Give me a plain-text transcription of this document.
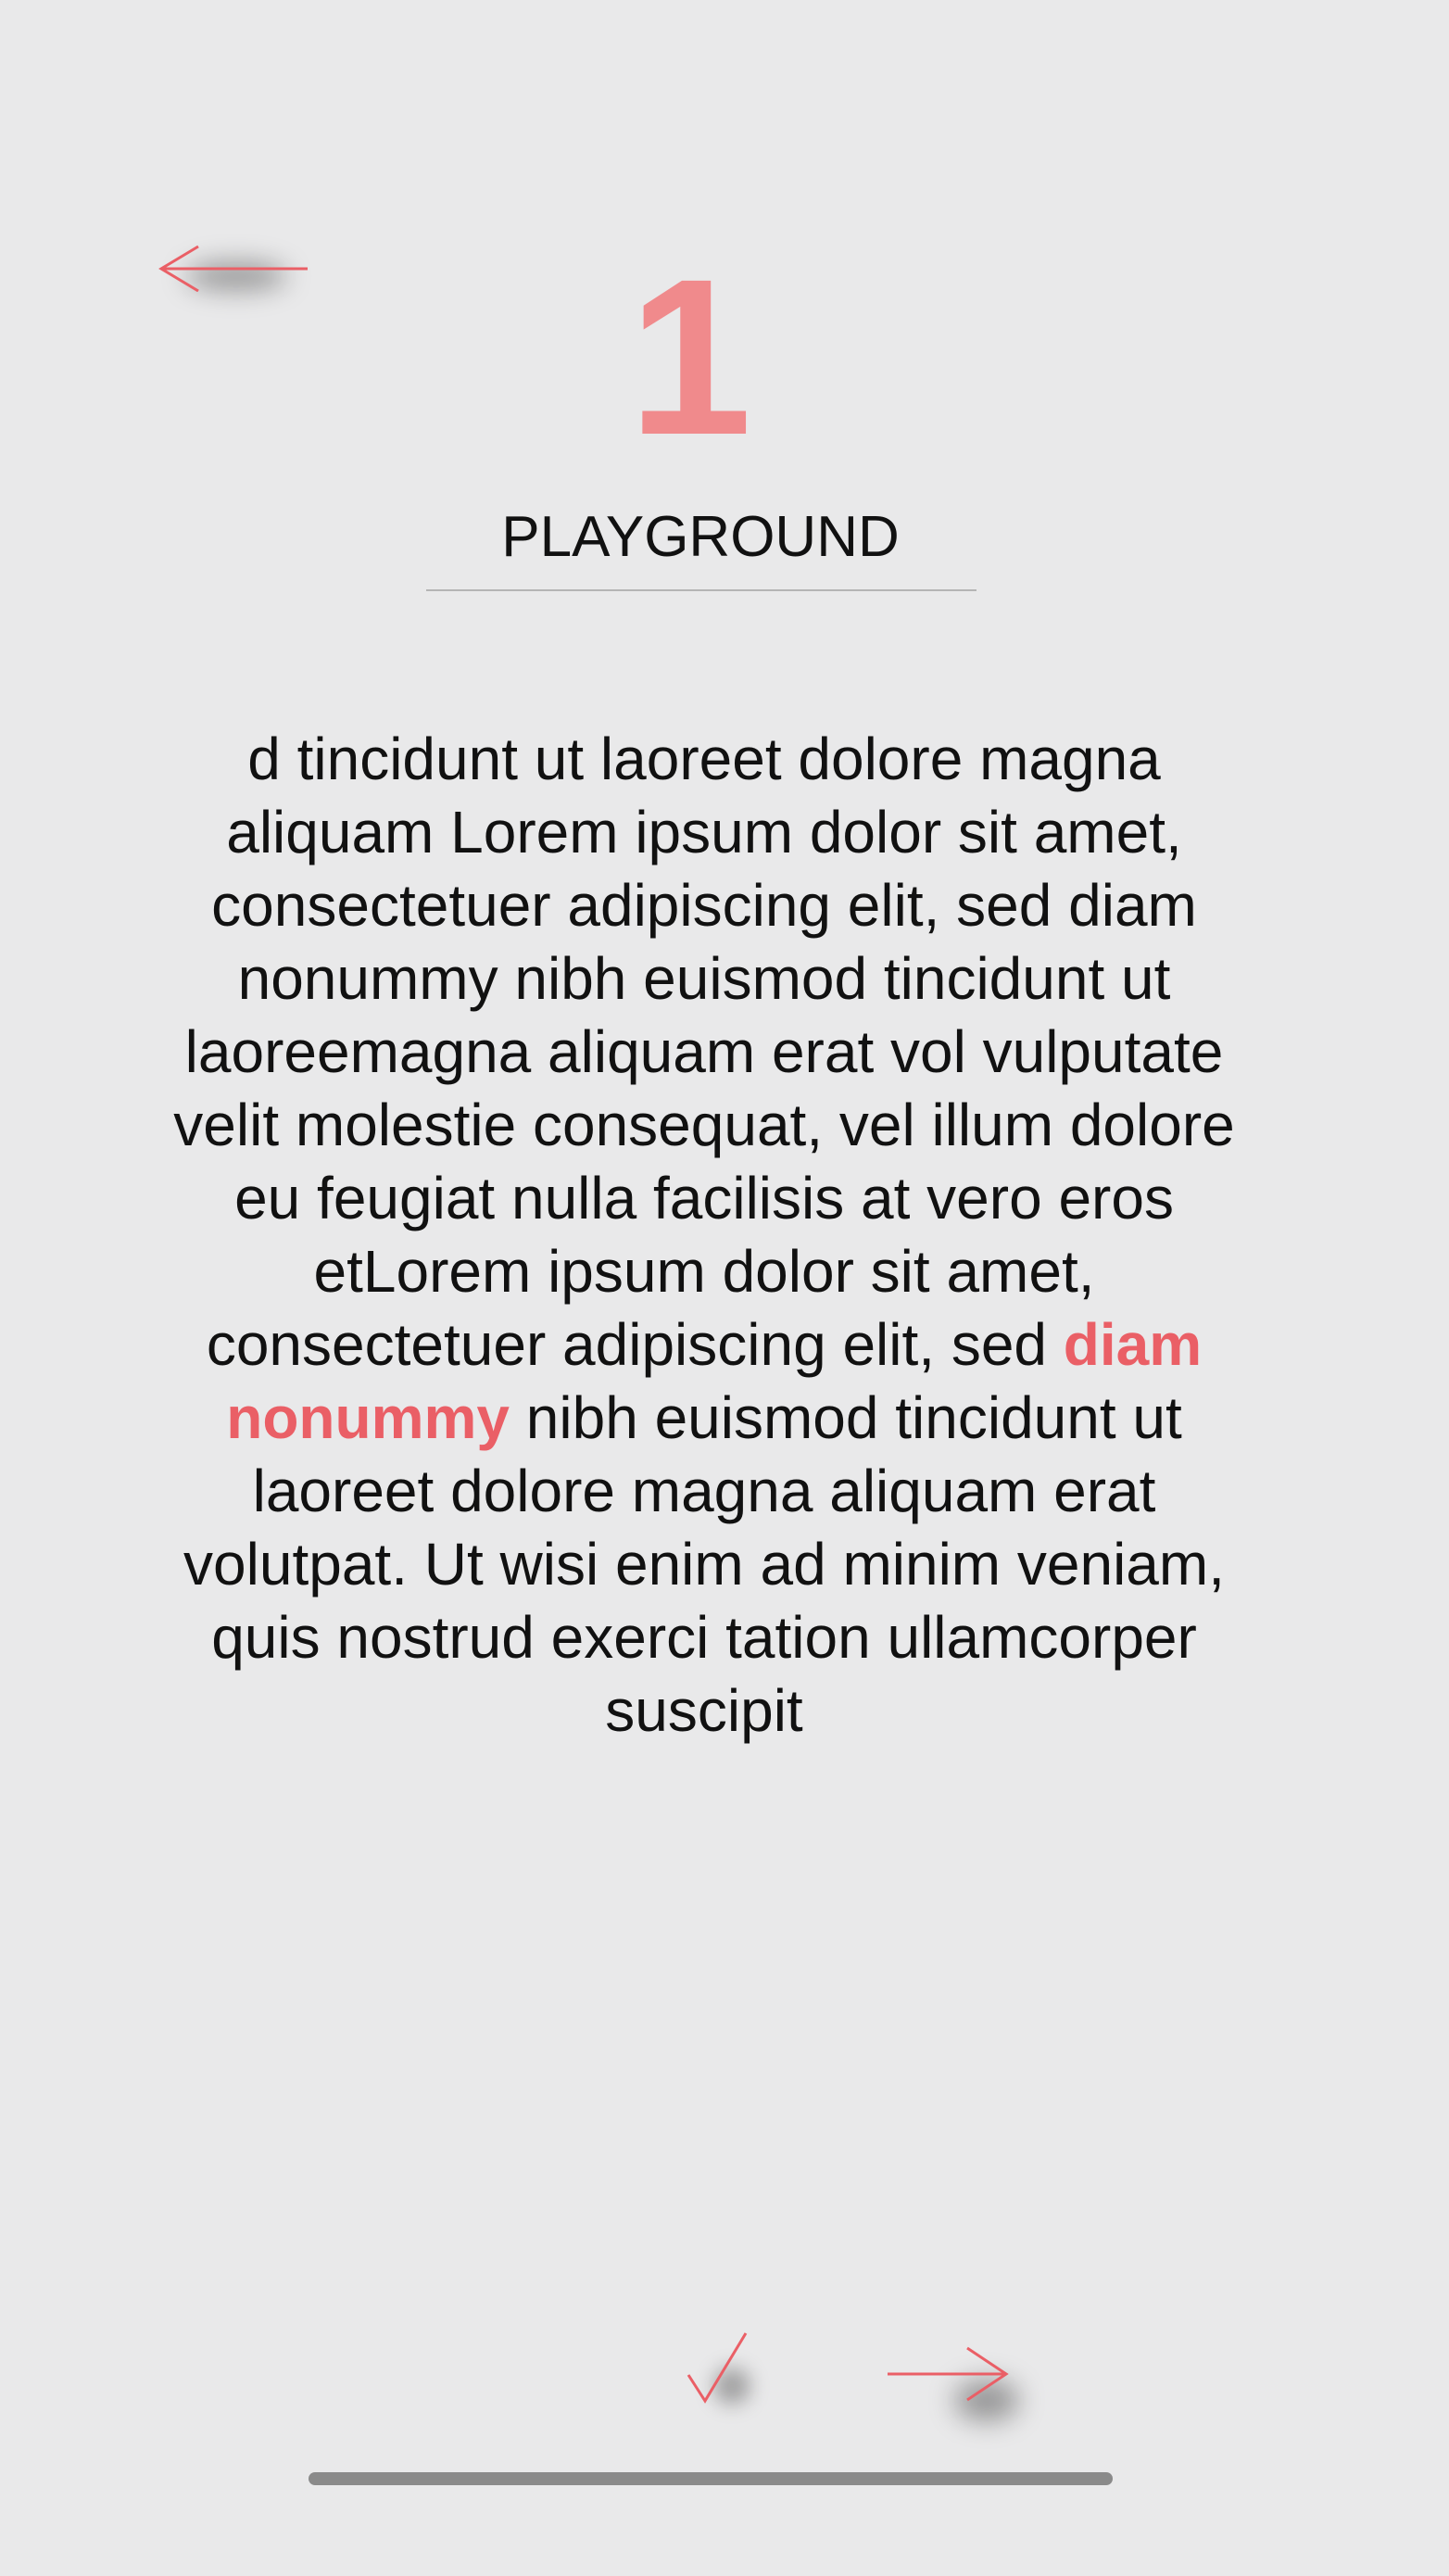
1
PLAYGROUND

d tincidunt ut laoreet dolore magna aliquam Lorem ipsum dolor sit amet, consectetuer adipiscing elit, sed diam nonummy nibh euismod tincidunt ut laoreemagna aliquam erat vol vulputate velit molestie consequat, vel illum dolore eu feugiat nulla facilisis at vero eros etLorem ipsum dolor sit amet, consectetuer adipiscing elit, sed diam nonummy nibh euismod tincidunt ut laoreet dolore magna aliquam erat volutpat. Ut wisi enim ad minim veniam, quis nostrud exerci tation ullamcorper suscipit
